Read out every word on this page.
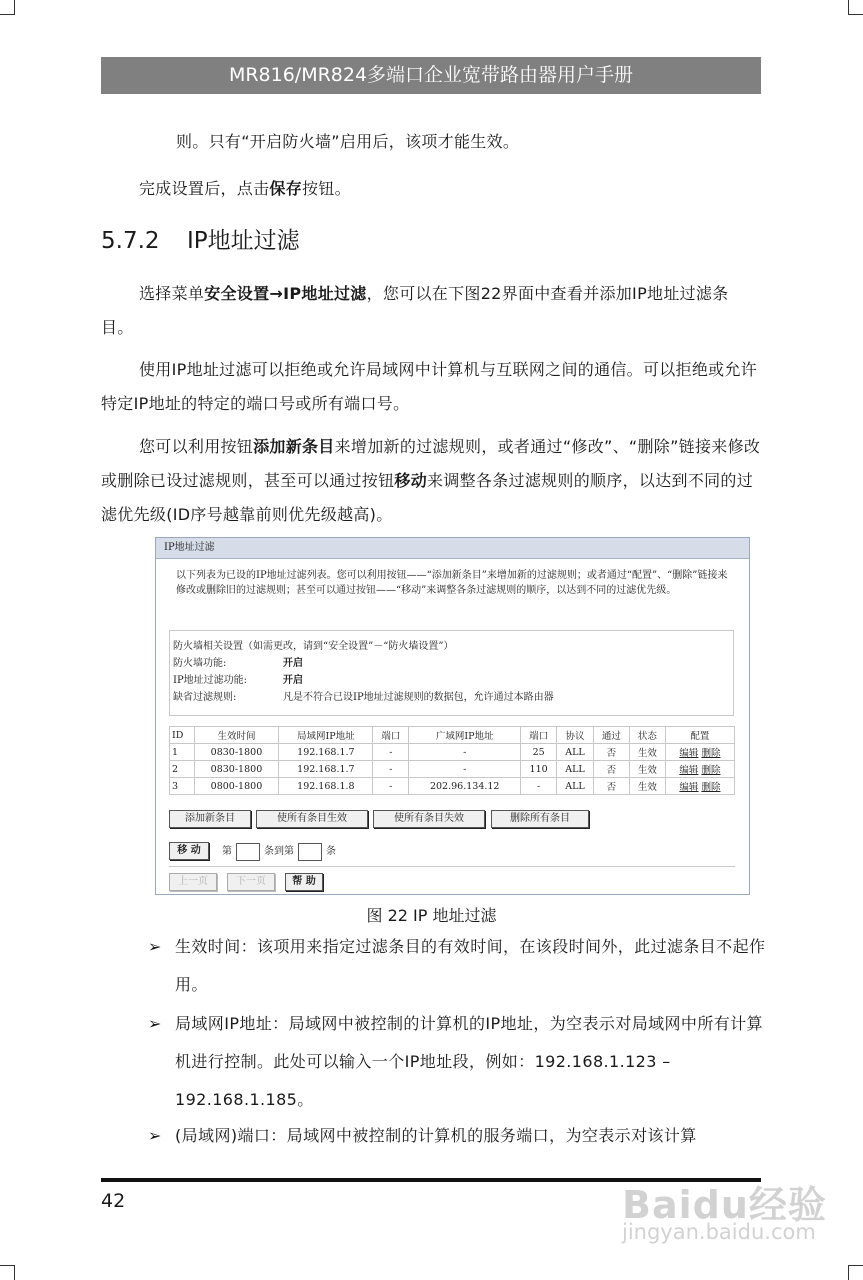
MR816/MR824多端口企业宽带路由器用户手册

则。只有“开启防火墙”启用后，该项才能生效。

完成设置后，点击保存按钮。

5.7.2 IP地址过滤

选择菜单安全设置→IP地址过滤，您可以在下图22界面中查看并添加IP地址过滤条目。

使用IP地址过滤可以拒绝或允许局域网中计算机与互联网之间的通信。可以拒绝或允许特定IP地址的特定的端口号或所有端口号。

您可以利用按钮添加新条目来增加新的过滤规则，或者通过“修改”、“删除”链接来修改或删除已设过滤规则，甚至可以通过按钮移动来调整各条过滤规则的顺序，以达到不同的过滤优先级(ID序号越靠前则优先级越高)。

IP地址过滤
以下列表为已设的IP地址过滤列表。您可以利用按钮——“添加新条目”来增加新的过滤规则；或者通过“配置”、“删除”链接来修改或删除旧的过滤规则；甚至可以通过按钮——“移动”来调整各条过滤规则的顺序，以达到不同的过滤优先级。
防火墙相关设置（如需更改，请到“安全设置”－“防火墙设置”）
防火墙功能:	开启
IP地址过滤功能:	开启
缺省过滤规则:	凡是不符合已设IP地址过滤规则的数据包，允许通过本路由器
ID	生效时间	局域网IP地址	端口	广域网IP地址	端口	协议	通过	状态	配置
1	0830-1800	192.168.1.7	-	-	25	ALL	否	生效	编辑 删除
2	0830-1800	192.168.1.7	-	-	110	ALL	否	生效	编辑 删除
3	0800-1800	192.168.1.8	-	202.96.134.12	-	ALL	否	生效	编辑 删除
添加新条目	使所有条目生效	使所有条目失效	删除所有条目
移 动	第	条到第	条
上一页	下一页	帮 助
图 22 IP 地址过滤
➢ 生效时间：该项用来指定过滤条目的有效时间，在该段时间外，此过滤条目不起作用。
➢ 局域网IP地址：局域网中被控制的计算机的IP地址，为空表示对局域网中所有计算机进行控制。此处可以输入一个IP地址段，例如：192.168.1.123 – 192.168.1.185。
➢ (局域网)端口：局域网中被控制的计算机的服务端口，为空表示对该计算
42	Baidu经验
jingyan.baidu.com
